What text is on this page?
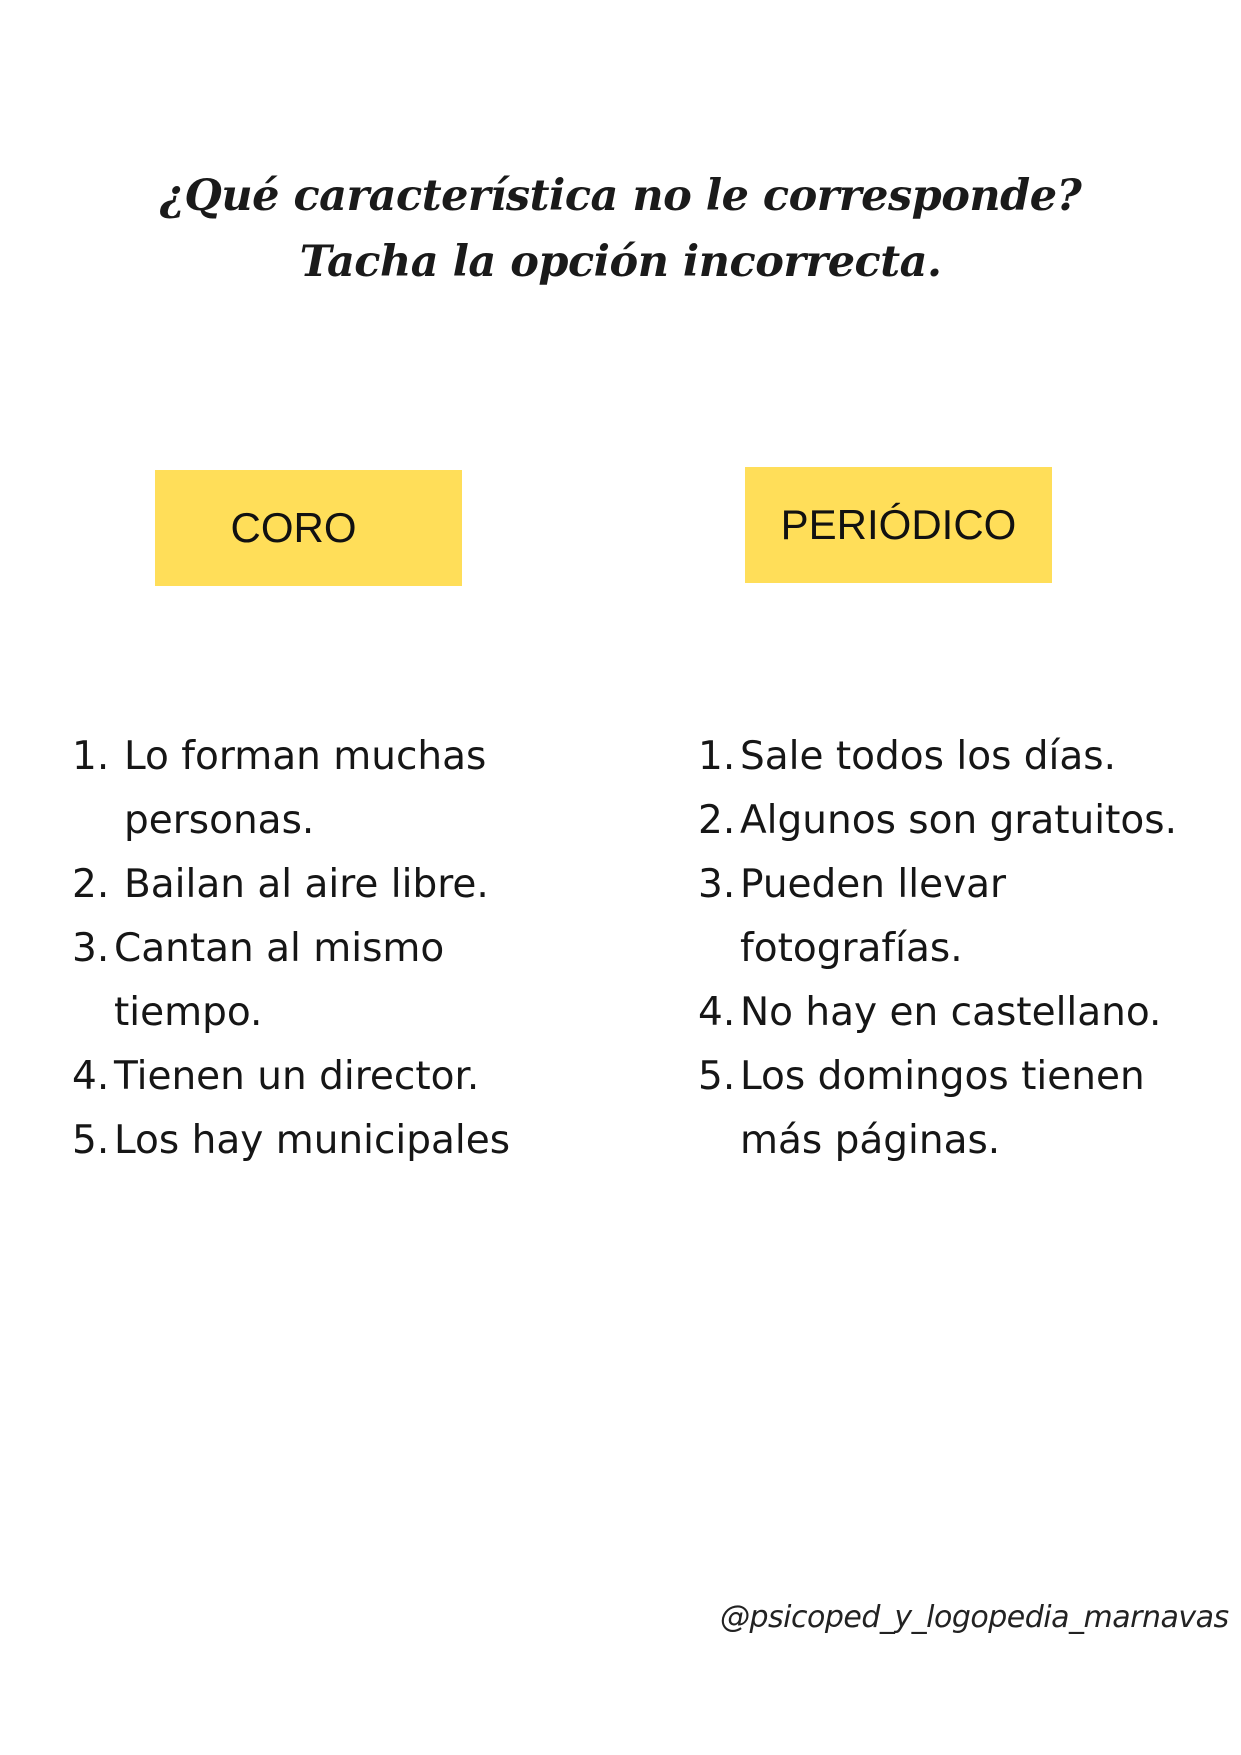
¿Qué característica no le corresponde? Tacha la opción incorrecta.
CORO	PERIÓDICO
1. Lo forman muchas personas.
2. Bailan al aire libre.
3. Cantan al mismo tiempo.
4. Tienen un director.
5. Los hay municipales
1. Sale todos los días.
2. Algunos son gratuitos.
3. Pueden llevar fotografías.
4. No hay en castellano.
5. Los domingos tienen más páginas.
@psicoped_y_logopedia_marnavas
